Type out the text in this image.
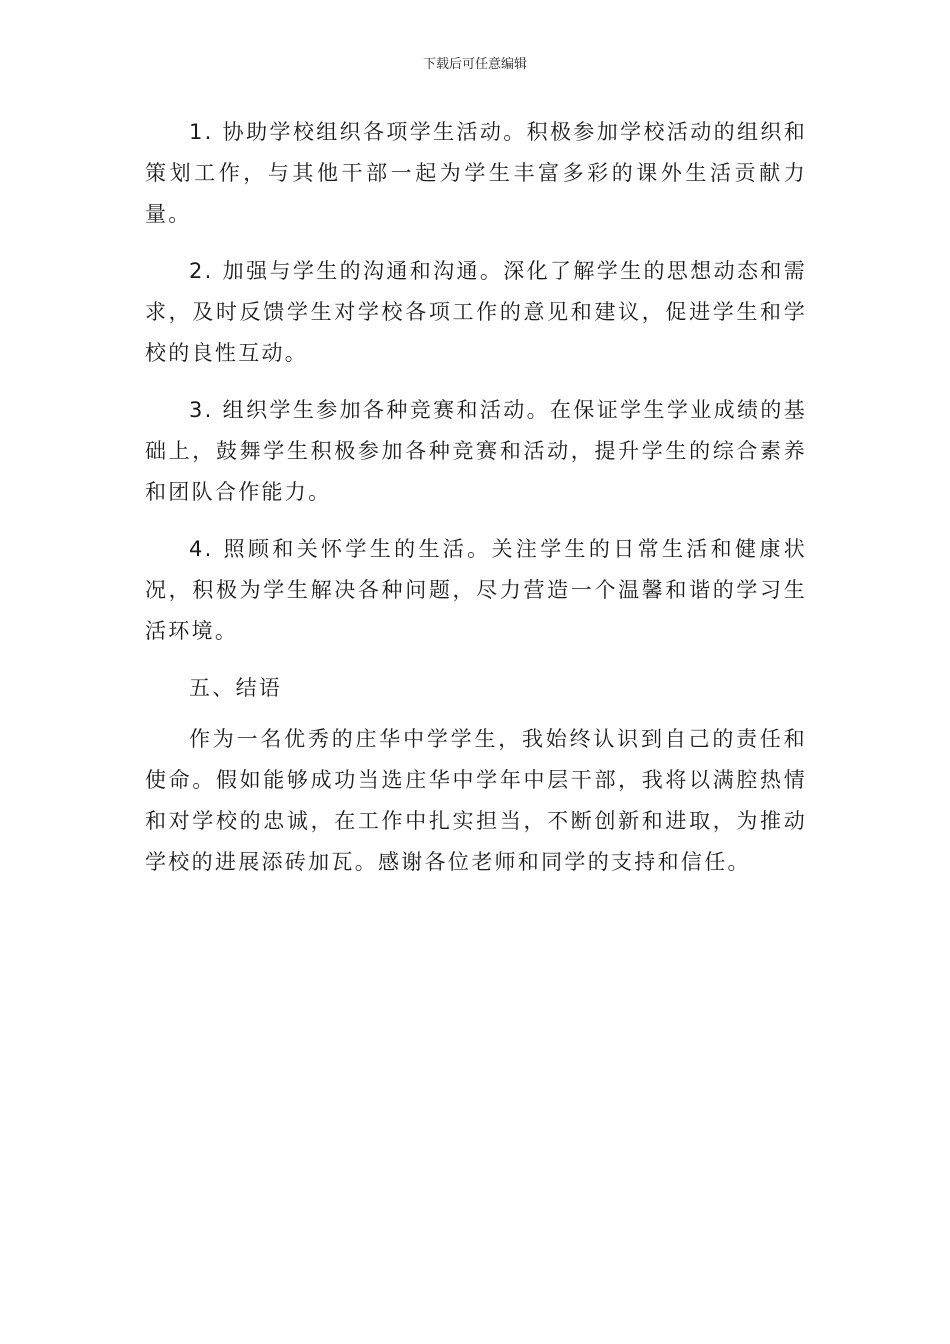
下载后可任意编辑

1. 协助学校组织各项学生活动。积极参加学校活动的组织和策划工作，与其他干部一起为学生丰富多彩的课外生活贡献力量。

2. 加强与学生的沟通和沟通。深化了解学生的思想动态和需求，及时反馈学生对学校各项工作的意见和建议，促进学生和学校的良性互动。

3. 组织学生参加各种竞赛和活动。在保证学生学业成绩的基础上，鼓舞学生积极参加各种竞赛和活动，提升学生的综合素养和团队合作能力。

4. 照顾和关怀学生的生活。关注学生的日常生活和健康状况，积极为学生解决各种问题，尽力营造一个温馨和谐的学习生活环境。

五、结语

作为一名优秀的庄华中学学生，我始终认识到自己的责任和使命。假如能够成功当选庄华中学年中层干部，我将以满腔热情和对学校的忠诚，在工作中扎实担当，不断创新和进取，为推动学校的进展添砖加瓦。感谢各位老师和同学的支持和信任。
